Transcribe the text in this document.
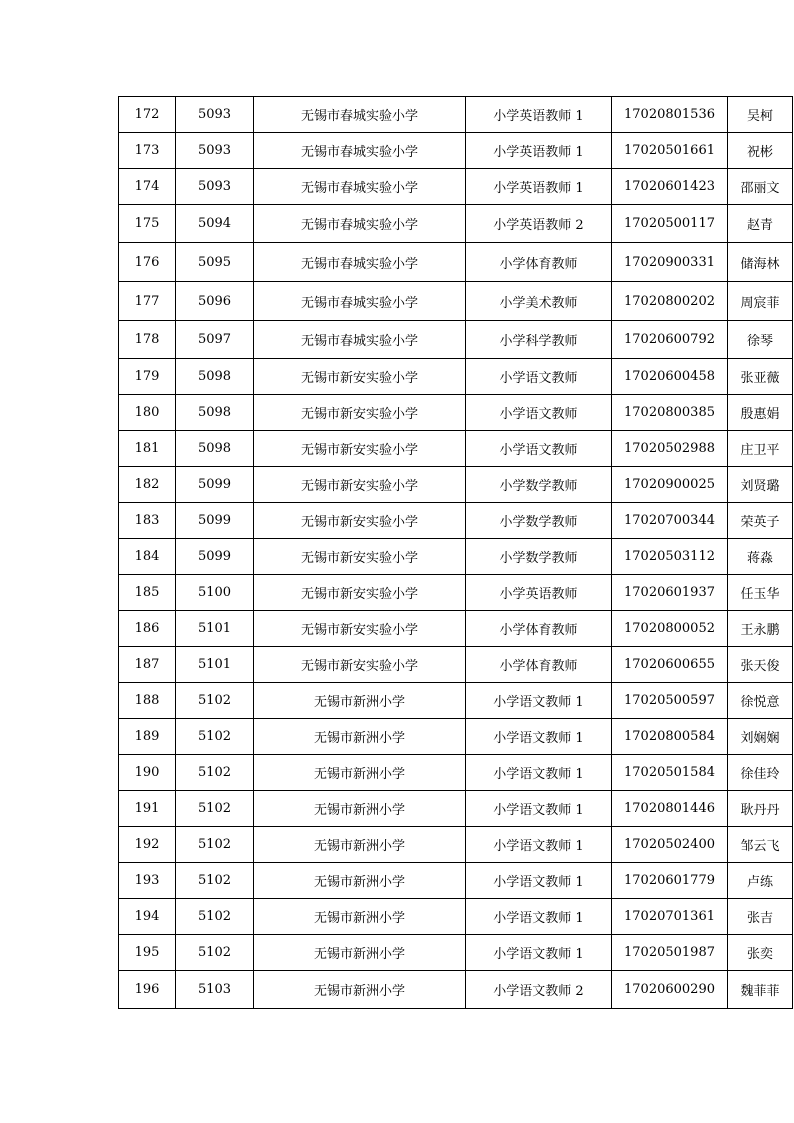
172	5093	无锡市春城实验小学	小学英语教师 1	17020801536	吴柯
173	5093	无锡市春城实验小学	小学英语教师 1	17020501661	祝彬
174	5093	无锡市春城实验小学	小学英语教师 1	17020601423	邵丽文
175	5094	无锡市春城实验小学	小学英语教师 2	17020500117	赵青
176	5095	无锡市春城实验小学	小学体育教师	17020900331	储海林
177	5096	无锡市春城实验小学	小学美术教师	17020800202	周宸菲
178	5097	无锡市春城实验小学	小学科学教师	17020600792	徐琴
179	5098	无锡市新安实验小学	小学语文教师	17020600458	张亚薇
180	5098	无锡市新安实验小学	小学语文教师	17020800385	殷惠娟
181	5098	无锡市新安实验小学	小学语文教师	17020502988	庄卫平
182	5099	无锡市新安实验小学	小学数学教师	17020900025	刘贤璐
183	5099	无锡市新安实验小学	小学数学教师	17020700344	荣英子
184	5099	无锡市新安实验小学	小学数学教师	17020503112	蒋淼
185	5100	无锡市新安实验小学	小学英语教师	17020601937	任玉华
186	5101	无锡市新安实验小学	小学体育教师	17020800052	王永鹏
187	5101	无锡市新安实验小学	小学体育教师	17020600655	张天俊
188	5102	无锡市新洲小学	小学语文教师 1	17020500597	徐悦意
189	5102	无锡市新洲小学	小学语文教师 1	17020800584	刘娴娴
190	5102	无锡市新洲小学	小学语文教师 1	17020501584	徐佳玲
191	5102	无锡市新洲小学	小学语文教师 1	17020801446	耿丹丹
192	5102	无锡市新洲小学	小学语文教师 1	17020502400	邹云飞
193	5102	无锡市新洲小学	小学语文教师 1	17020601779	卢练
194	5102	无锡市新洲小学	小学语文教师 1	17020701361	张吉
195	5102	无锡市新洲小学	小学语文教师 1	17020501987	张奕
196	5103	无锡市新洲小学	小学语文教师 2	17020600290	魏菲菲
